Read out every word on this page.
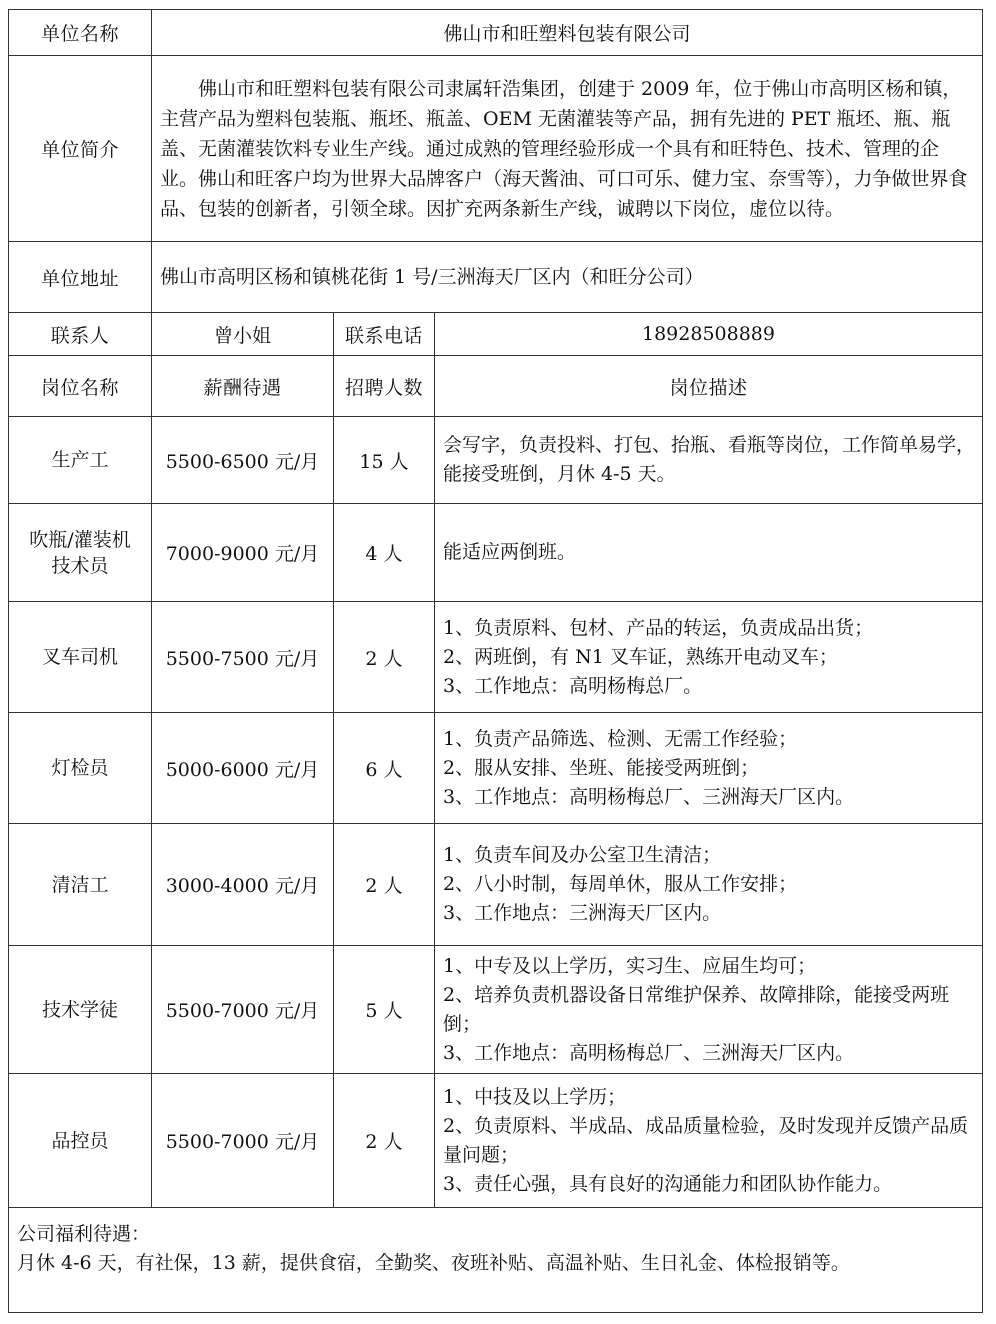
单位名称	佛山市和旺塑料包装有限公司		
单位简介	佛山市和旺塑料包装有限公司隶属轩浩集团，创建于 2009 年，位于佛山市高明区杨和镇，主营产品为塑料包装瓶、瓶坯、瓶盖、OEM 无菌灌装等产品，拥有先进的 PET 瓶坯、瓶、瓶盖、无菌灌装饮料专业生产线。通过成熟的管理经验形成一个具有和旺特色、技术、管理的企业。佛山和旺客户均为世界大品牌客户（海天酱油、可口可乐、健力宝、奈雪等），力争做世界食品、包装的创新者，引领全球。因扩充两条新生产线，诚聘以下岗位，虚位以待。		
单位地址	佛山市高明区杨和镇桃花街 1 号/三洲海天厂区内（和旺分公司）		
联系人	曾小姐	联系电话	18928508889
岗位名称	薪酬待遇	招聘人数	岗位描述

生产工	5500-6500 元/月	15 人	会写字，负责投料、打包、抬瓶、看瓶等岗位，工作简单易学，能接受班倒，月休 4-5 天。

吹瓶/灌装机
技术员	7000-9000 元/月	4 人	能适应两倒班。

叉车司机	5500-7500 元/月	2 人	1、负责原料、包材、产品的转运，负责成品出货；
2、两班倒，有 N1 叉车证，熟练开电动叉车；
3、工作地点：高明杨梅总厂。

灯检员	5000-6000 元/月	6 人	1、负责产品筛选、检测、无需工作经验；
2、服从安排、坐班、能接受两班倒；
3、工作地点：高明杨梅总厂、三洲海天厂区内。

清洁工	3000-4000 元/月	2 人	1、负责车间及办公室卫生清洁；
2、八小时制，每周单休，服从工作安排；
3、工作地点：三洲海天厂区内。

技术学徒	5500-7000 元/月	5 人	1、中专及以上学历，实习生、应届生均可；
2、培养负责机器设备日常维护保养、故障排除，能接受两班倒；
3、工作地点：高明杨梅总厂、三洲海天厂区内。

品控员	5500-7000 元/月	2 人	1、中技及以上学历；
2、负责原料、半成品、成品质量检验，及时发现并反馈产品质量问题；
3、责任心强，具有良好的沟通能力和团队协作能力。

公司福利待遇：
月休 4-6 天，有社保，13 薪，提供食宿，全勤奖、夜班补贴、高温补贴、生日礼金、体检报销等。			
